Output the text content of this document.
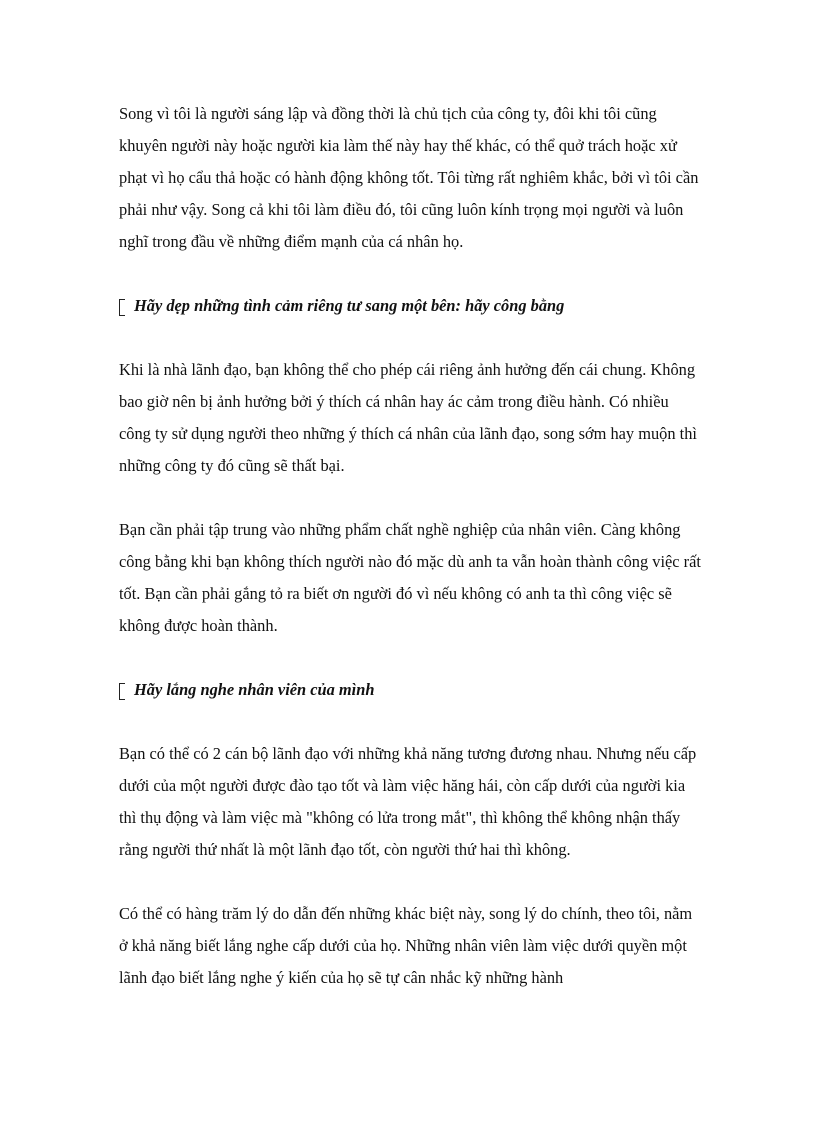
Song vì tôi là người sáng lập và đồng thời là chủ tịch của công ty, đôi khi tôi cũng khuyên người này hoặc người kia làm thế này hay thế khác, có thể quở trách hoặc xử phạt vì họ cẩu thả hoặc có hành động không tốt. Tôi từng rất nghiêm khắc, bởi vì tôi cần phải như vậy. Song cả khi tôi làm điều đó, tôi cũng luôn kính trọng mọi người và luôn nghĩ trong đầu về những điểm mạnh của cá nhân họ.

Hãy dẹp những tình cảm riêng tư sang một bên: hãy công bằng

Khi là nhà lãnh đạo, bạn không thể cho phép cái riêng ảnh hưởng đến cái chung. Không bao giờ nên bị ảnh hưởng bởi ý thích cá nhân hay ác cảm trong điều hành. Có nhiều công ty sử dụng người theo những ý thích cá nhân của lãnh đạo, song sớm hay muộn thì những công ty đó cũng sẽ thất bại.

Bạn cần phải tập trung vào những phẩm chất nghề nghiệp của nhân viên. Càng không công bằng khi bạn không thích người nào đó mặc dù anh ta vẫn hoàn thành công việc rất tốt. Bạn cần phải gắng tỏ ra biết ơn người đó vì nếu không có anh ta thì công việc sẽ không được hoàn thành.

Hãy lắng nghe nhân viên của mình

Bạn có thể có 2 cán bộ lãnh đạo với những khả năng tương đương nhau. Nhưng nếu cấp dưới của một người được đào tạo tốt và làm việc hăng hái, còn cấp dưới của người kia thì thụ động và làm việc mà "không có lửa trong mắt", thì không thể không nhận thấy rằng người thứ nhất là một lãnh đạo tốt, còn người thứ hai thì không.

Có thể có hàng trăm lý do dẫn đến những khác biệt này, song lý do chính, theo tôi, nằm ở khả năng biết lắng nghe cấp dưới của họ. Những nhân viên làm việc dưới quyền một lãnh đạo biết lắng nghe ý kiến của họ sẽ tự cân nhắc kỹ những hành
